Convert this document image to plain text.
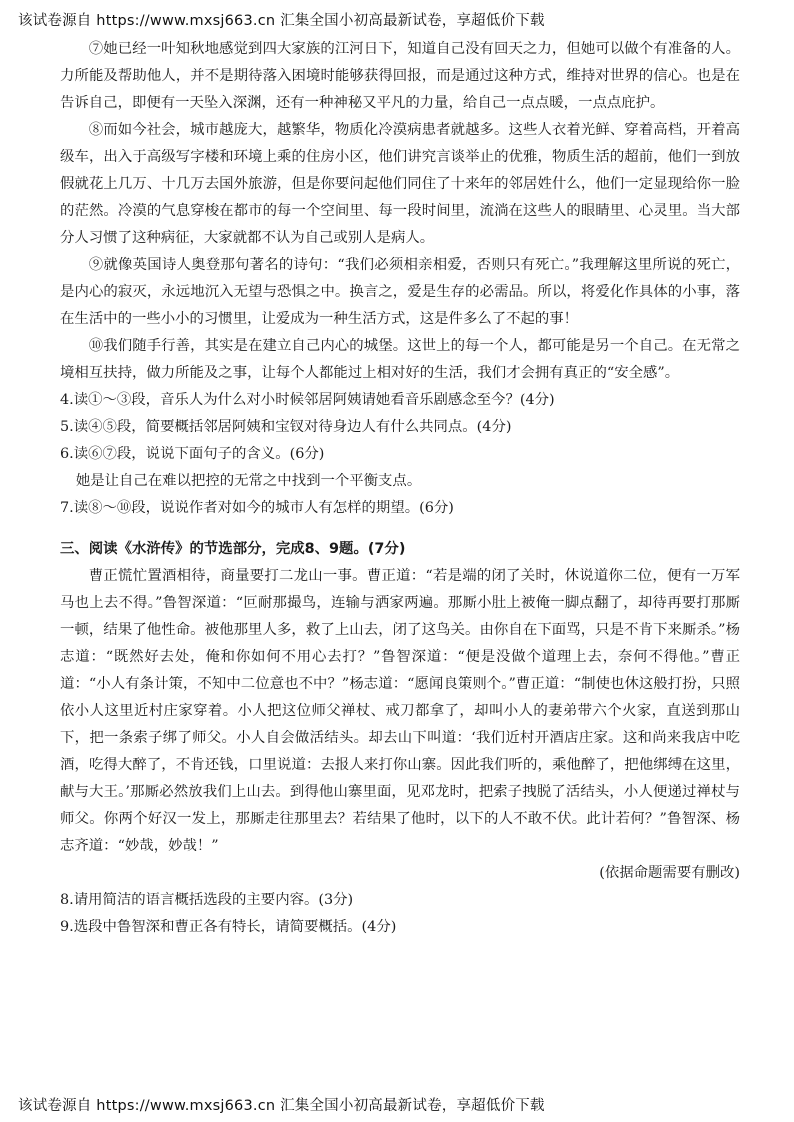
该试卷源自 https://www.mxsj663.cn 汇集全国小初高最新试卷，享超低价下载

⑦她已经一叶知秋地感觉到四大家族的江河日下，知道自己没有回天之力，但她可以做个有准备的人。力所能及帮助他人，并不是期待落入困境时能够获得回报，而是通过这种方式，维持对世界的信心。也是在告诉自己，即便有一天坠入深渊，还有一种神秘又平凡的力量，给自己一点点暖，一点点庇护。

⑧而如今社会，城市越庞大，越繁华，物质化冷漠病患者就越多。这些人衣着光鲜、穿着高档，开着高级车，出入于高级写字楼和环境上乘的住房小区，他们讲究言谈举止的优雅，物质生活的超前，他们一到放假就花上几万、十几万去国外旅游，但是你要问起他们同住了十来年的邻居姓什么，他们一定显现给你一脸的茫然。冷漠的气息穿梭在都市的每一个空间里、每一段时间里，流淌在这些人的眼睛里、心灵里。当大部分人习惯了这种病征，大家就都不认为自己或别人是病人。

⑨就像英国诗人奥登那句著名的诗句：“我们必须相亲相爱，否则只有死亡。”我理解这里所说的死亡，是内心的寂灭，永远地沉入无望与恐惧之中。换言之，爱是生存的必需品。所以，将爱化作具体的小事，落在生活中的一些小小的习惯里，让爱成为一种生活方式，这是件多么了不起的事！

⑩我们随手行善，其实是在建立自己内心的城堡。这世上的每一个人，都可能是另一个自己。在无常之境相互扶持，做力所能及之事，让每个人都能过上相对好的生活，我们才会拥有真正的“安全感”。

4.读①～③段，音乐人为什么对小时候邻居阿姨请她看音乐剧感念至今？(4分)

5.读④⑤段，简要概括邻居阿姨和宝钗对待身边人有什么共同点。(4分)

6.读⑥⑦段，说说下面句子的含义。(6分)

她是让自己在难以把控的无常之中找到一个平衡支点。

7.读⑧～⑩段，说说作者对如今的城市人有怎样的期望。(6分)

三、阅读《水浒传》的节选部分，完成8、9题。(7分)

曹正慌忙置酒相待，商量要打二龙山一事。曹正道：“若是端的闭了关时，休说道你二位，便有一万军马也上去不得。”鲁智深道：“叵耐那撮鸟，连输与洒家两遍。那厮小肚上被俺一脚点翻了，却待再要打那厮一顿，结果了他性命。被他那里人多，救了上山去，闭了这鸟关。由你自在下面骂，只是不肯下来厮杀。”杨志道：“既然好去处，俺和你如何不用心去打？”鲁智深道：“便是没做个道理上去，奈何不得他。”曹正道：“小人有条计策，不知中二位意也不中？”杨志道：“愿闻良策则个。”曹正道：“制使也休这般打扮，只照依小人这里近村庄家穿着。小人把这位师父禅杖、戒刀都拿了，却叫小人的妻弟带六个火家，直送到那山下，把一条索子绑了师父。小人自会做活结头。却去山下叫道：‘我们近村开酒店庄家。这和尚来我店中吃酒，吃得大醉了，不肯还钱，口里说道：去报人来打你山寨。因此我们听的，乘他醉了，把他绑缚在这里，献与大王。’那厮必然放我们上山去。到得他山寨里面，见邓龙时，把索子拽脱了活结头，小人便递过禅杖与师父。你两个好汉一发上，那厮走往那里去？若结果了他时，以下的人不敢不伏。此计若何？”鲁智深、杨志齐道：“妙哉，妙哉！”

(依据命题需要有删改)

8.请用简洁的语言概括选段的主要内容。(3分)

9.选段中鲁智深和曹正各有特长，请简要概括。(4分)

该试卷源自 https://www.mxsj663.cn 汇集全国小初高最新试卷，享超低价下载
